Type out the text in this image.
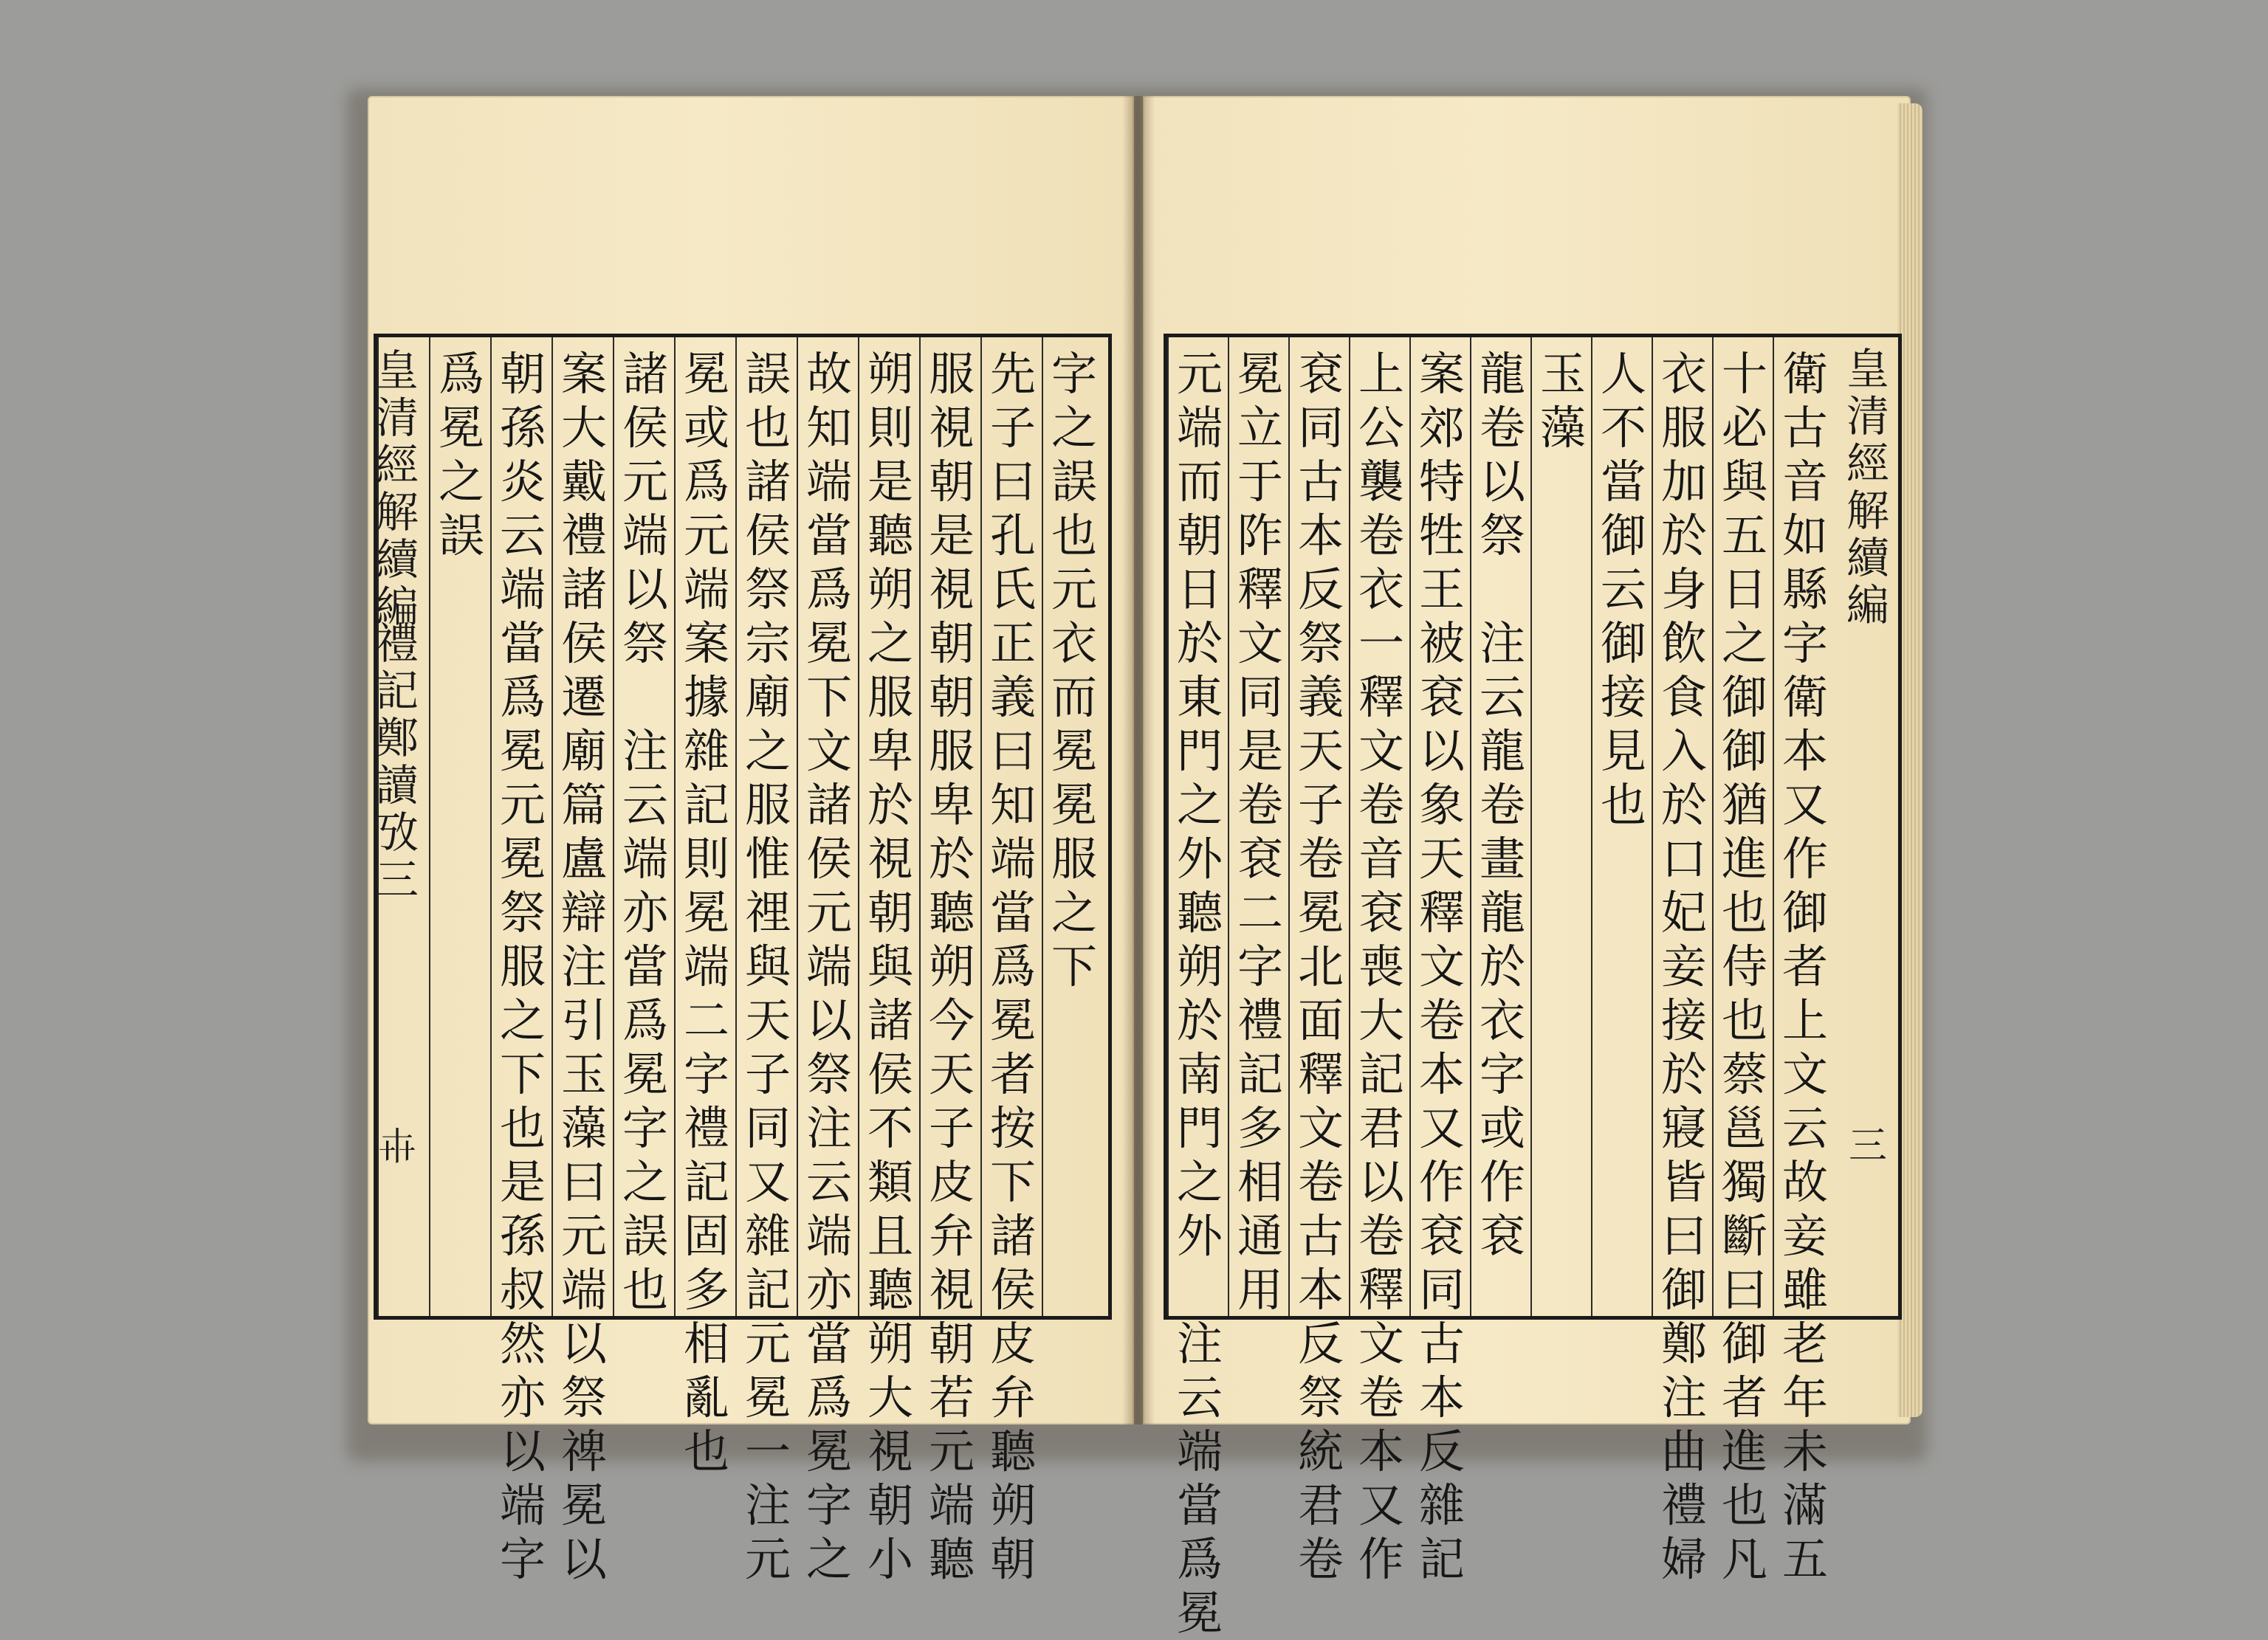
皇
清
經
解
續
編
禮
記
鄭
讀
攷
三
𠦃
字
之
誤
也
元
衣
而
冕
冕
服
之
下
先
子
曰
孔
氏
正
義
曰
知
端
當
爲
冕
者
按
下
諸
侯
皮
弁
聽
朔
朝
服
視
朝
是
視
朝
朝
服
卑
於
聽
朔
今
天
子
皮
弁
視
朝
若
元
端
聽
朔
則
是
聽
朔
之
服
卑
於
視
朝
與
諸
侯
不
類
且
聽
朔
大
視
朝
小
故
知
端
當
爲
冕
下
文
諸
侯
元
端
以
祭
注
云
端
亦
當
爲
冕
字
之
誤
也
諸
侯
祭
宗
廟
之
服
惟
𥚃
與
天
子
同
又
雜
記
元
冕
一
注
元
冕
或
爲
元
端
案
據
雜
記
則
冕
端
二
字
禮
記
固
多
相
亂
也
諸
侯
元
端
以
祭

注
云
端
亦
當
爲
冕
字
之
誤
也
案
大
戴
禮
諸
侯
遷
廟
篇
盧
辯
注
引
玉
藻
曰
元
端
以
祭
禆
冕
以
朝
孫
炎
云
端
當
爲
冕
元
冕
祭
服
之
下
也
是
孫
叔
然
亦
以
端
字
爲
冕
之
誤
皇
清
經
解
續
編
三
衛
古
音
如
縣
字
衛
本
又
作
御
者
上
文
云
故
妾
雖
老
年
未
滿
五
十
必
與
五
日
之
御
御
猶
進
也
侍
也
蔡
邕
獨
斷
曰
御
者
進
也
凡
衣
服
加
於
身
飲
食
入
於
口
妃
妾
接
於
寢
皆
曰
御
鄭
注
曲
禮
婦
人
不
當
御
云
御
接
見
也
玉
藻
龍
卷
以
祭

注
云
龍
卷
畫
龍
於
衣
字
或
作
袞
案
郊
特
牲
王
被
袞
以
象
天
釋
文
卷
本
又
作
袞
同
古
本
反
雜
記
上
公
襲
卷
衣
一
釋
文
卷
音
袞
喪
大
記
君
以
卷
釋
文
卷
本
又
作
袞
同
古
本
反
祭
義
天
子
卷
冕
北
面
釋
文
卷
古
本
反
祭
統
君
卷
冕
立
于
阼
釋
文
同
是
卷
袞
二
字
禮
記
多
相
通
用
元
端
而
朝
日
於
東
門
之
外
聽
朔
於
南
門
之
外

注
云
端
當
爲
冕
